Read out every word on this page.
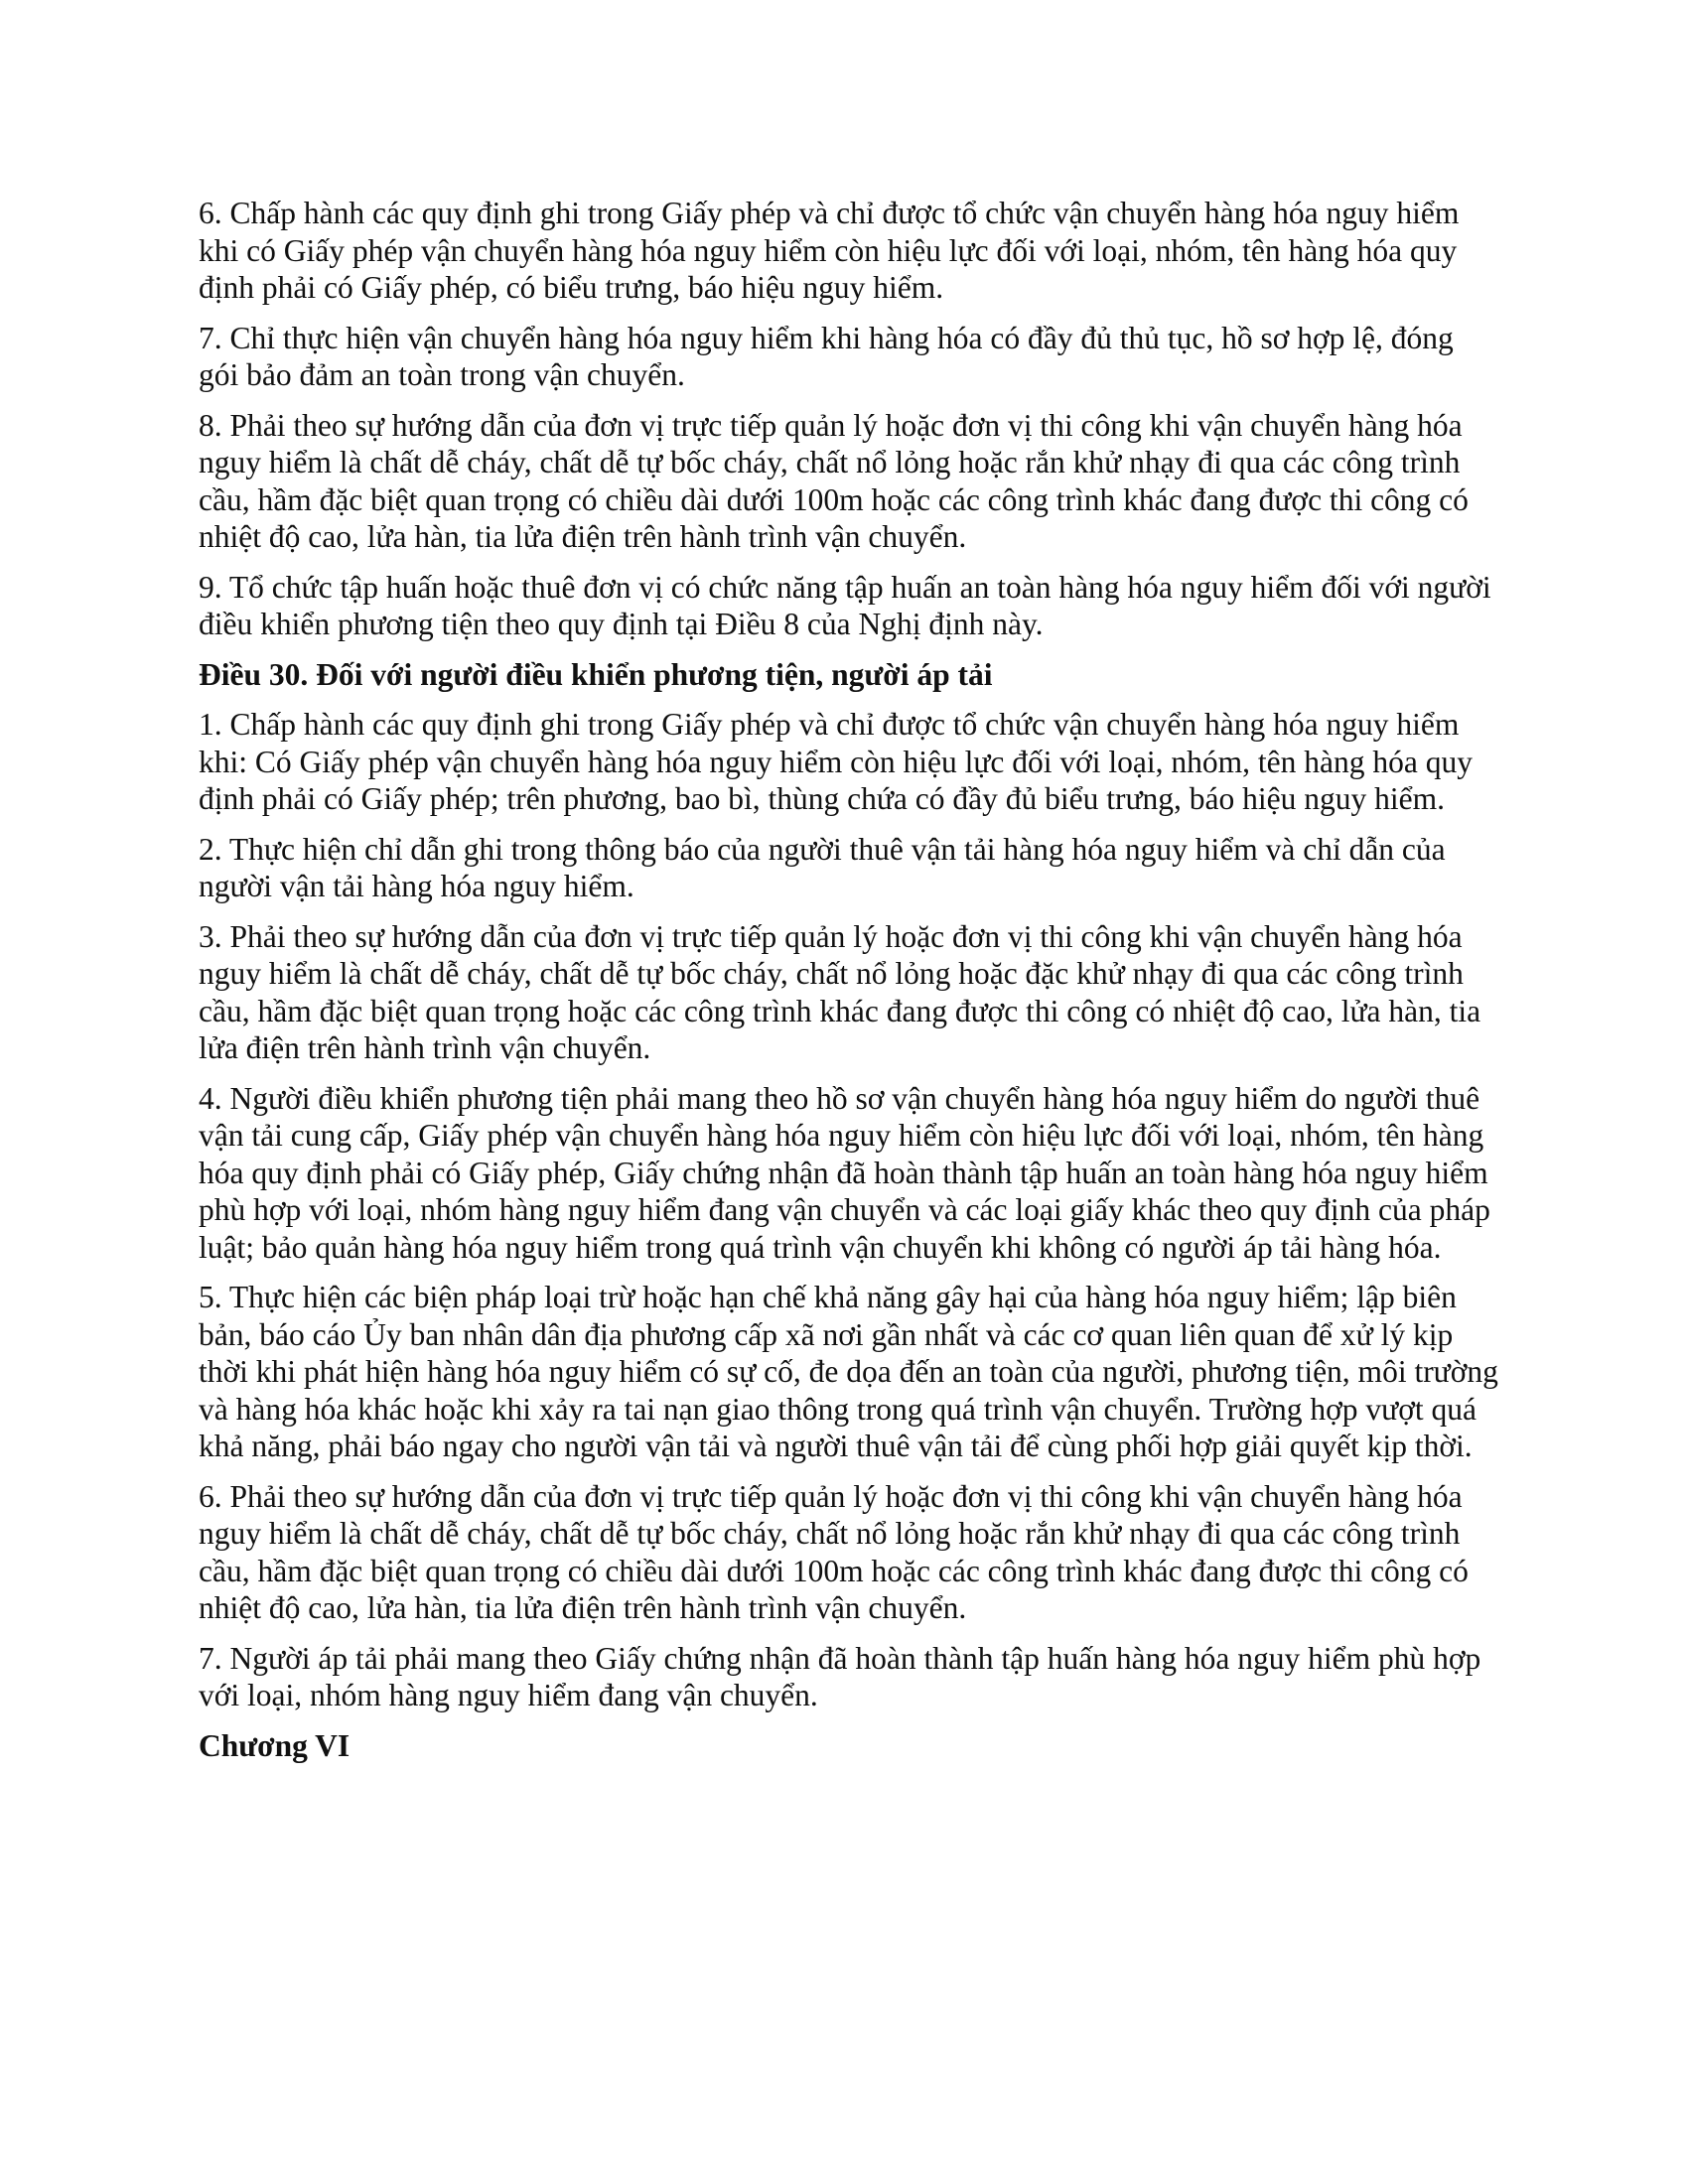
6. Chấp hành các quy định ghi trong Giấy phép và chỉ được tổ chức vận chuyển hàng hóa nguy hiểm khi có Giấy phép vận chuyển hàng hóa nguy hiểm còn hiệu lực đối với loại, nhóm, tên hàng hóa quy định phải có Giấy phép, có biểu trưng, báo hiệu nguy hiểm.

7. Chỉ thực hiện vận chuyển hàng hóa nguy hiểm khi hàng hóa có đầy đủ thủ tục, hồ sơ hợp lệ, đóng gói bảo đảm an toàn trong vận chuyển.

8. Phải theo sự hướng dẫn của đơn vị trực tiếp quản lý hoặc đơn vị thi công khi vận chuyển hàng hóa nguy hiểm là chất dễ cháy, chất dễ tự bốc cháy, chất nổ lỏng hoặc rắn khử nhạy đi qua các công trình cầu, hầm đặc biệt quan trọng có chiều dài dưới 100m hoặc các công trình khác đang được thi công có nhiệt độ cao, lửa hàn, tia lửa điện trên hành trình vận chuyển.

9. Tổ chức tập huấn hoặc thuê đơn vị có chức năng tập huấn an toàn hàng hóa nguy hiểm đối với người điều khiển phương tiện theo quy định tại Điều 8 của Nghị định này.

Điều 30. Đối với người điều khiển phương tiện, người áp tải

1. Chấp hành các quy định ghi trong Giấy phép và chỉ được tổ chức vận chuyển hàng hóa nguy hiểm khi: Có Giấy phép vận chuyển hàng hóa nguy hiểm còn hiệu lực đối với loại, nhóm, tên hàng hóa quy định phải có Giấy phép; trên phương, bao bì, thùng chứa có đầy đủ biểu trưng, báo hiệu nguy hiểm.

2. Thực hiện chỉ dẫn ghi trong thông báo của người thuê vận tải hàng hóa nguy hiểm và chỉ dẫn của người vận tải hàng hóa nguy hiểm.

3. Phải theo sự hướng dẫn của đơn vị trực tiếp quản lý hoặc đơn vị thi công khi vận chuyển hàng hóa nguy hiểm là chất dễ cháy, chất dễ tự bốc cháy, chất nổ lỏng hoặc đặc khử nhạy đi qua các công trình cầu, hầm đặc biệt quan trọng hoặc các công trình khác đang được thi công có nhiệt độ cao, lửa hàn, tia lửa điện trên hành trình vận chuyển.

4. Người điều khiển phương tiện phải mang theo hồ sơ vận chuyển hàng hóa nguy hiểm do người thuê vận tải cung cấp, Giấy phép vận chuyển hàng hóa nguy hiểm còn hiệu lực đối với loại, nhóm, tên hàng hóa quy định phải có Giấy phép, Giấy chứng nhận đã hoàn thành tập huấn an toàn hàng hóa nguy hiểm phù hợp với loại, nhóm hàng nguy hiểm đang vận chuyển và các loại giấy khác theo quy định của pháp luật; bảo quản hàng hóa nguy hiểm trong quá trình vận chuyển khi không có người áp tải hàng hóa.

5. Thực hiện các biện pháp loại trừ hoặc hạn chế khả năng gây hại của hàng hóa nguy hiểm; lập biên bản, báo cáo Ủy ban nhân dân địa phương cấp xã nơi gần nhất và các cơ quan liên quan để xử lý kịp thời khi phát hiện hàng hóa nguy hiểm có sự cố, đe dọa đến an toàn của người, phương tiện, môi trường và hàng hóa khác hoặc khi xảy ra tai nạn giao thông trong quá trình vận chuyển. Trường hợp vượt quá khả năng, phải báo ngay cho người vận tải và người thuê vận tải để cùng phối hợp giải quyết kịp thời.

6. Phải theo sự hướng dẫn của đơn vị trực tiếp quản lý hoặc đơn vị thi công khi vận chuyển hàng hóa nguy hiểm là chất dễ cháy, chất dễ tự bốc cháy, chất nổ lỏng hoặc rắn khử nhạy đi qua các công trình cầu, hầm đặc biệt quan trọng có chiều dài dưới 100m hoặc các công trình khác đang được thi công có nhiệt độ cao, lửa hàn, tia lửa điện trên hành trình vận chuyển.

7. Người áp tải phải mang theo Giấy chứng nhận đã hoàn thành tập huấn hàng hóa nguy hiểm phù hợp với loại, nhóm hàng nguy hiểm đang vận chuyển.

Chương VI
